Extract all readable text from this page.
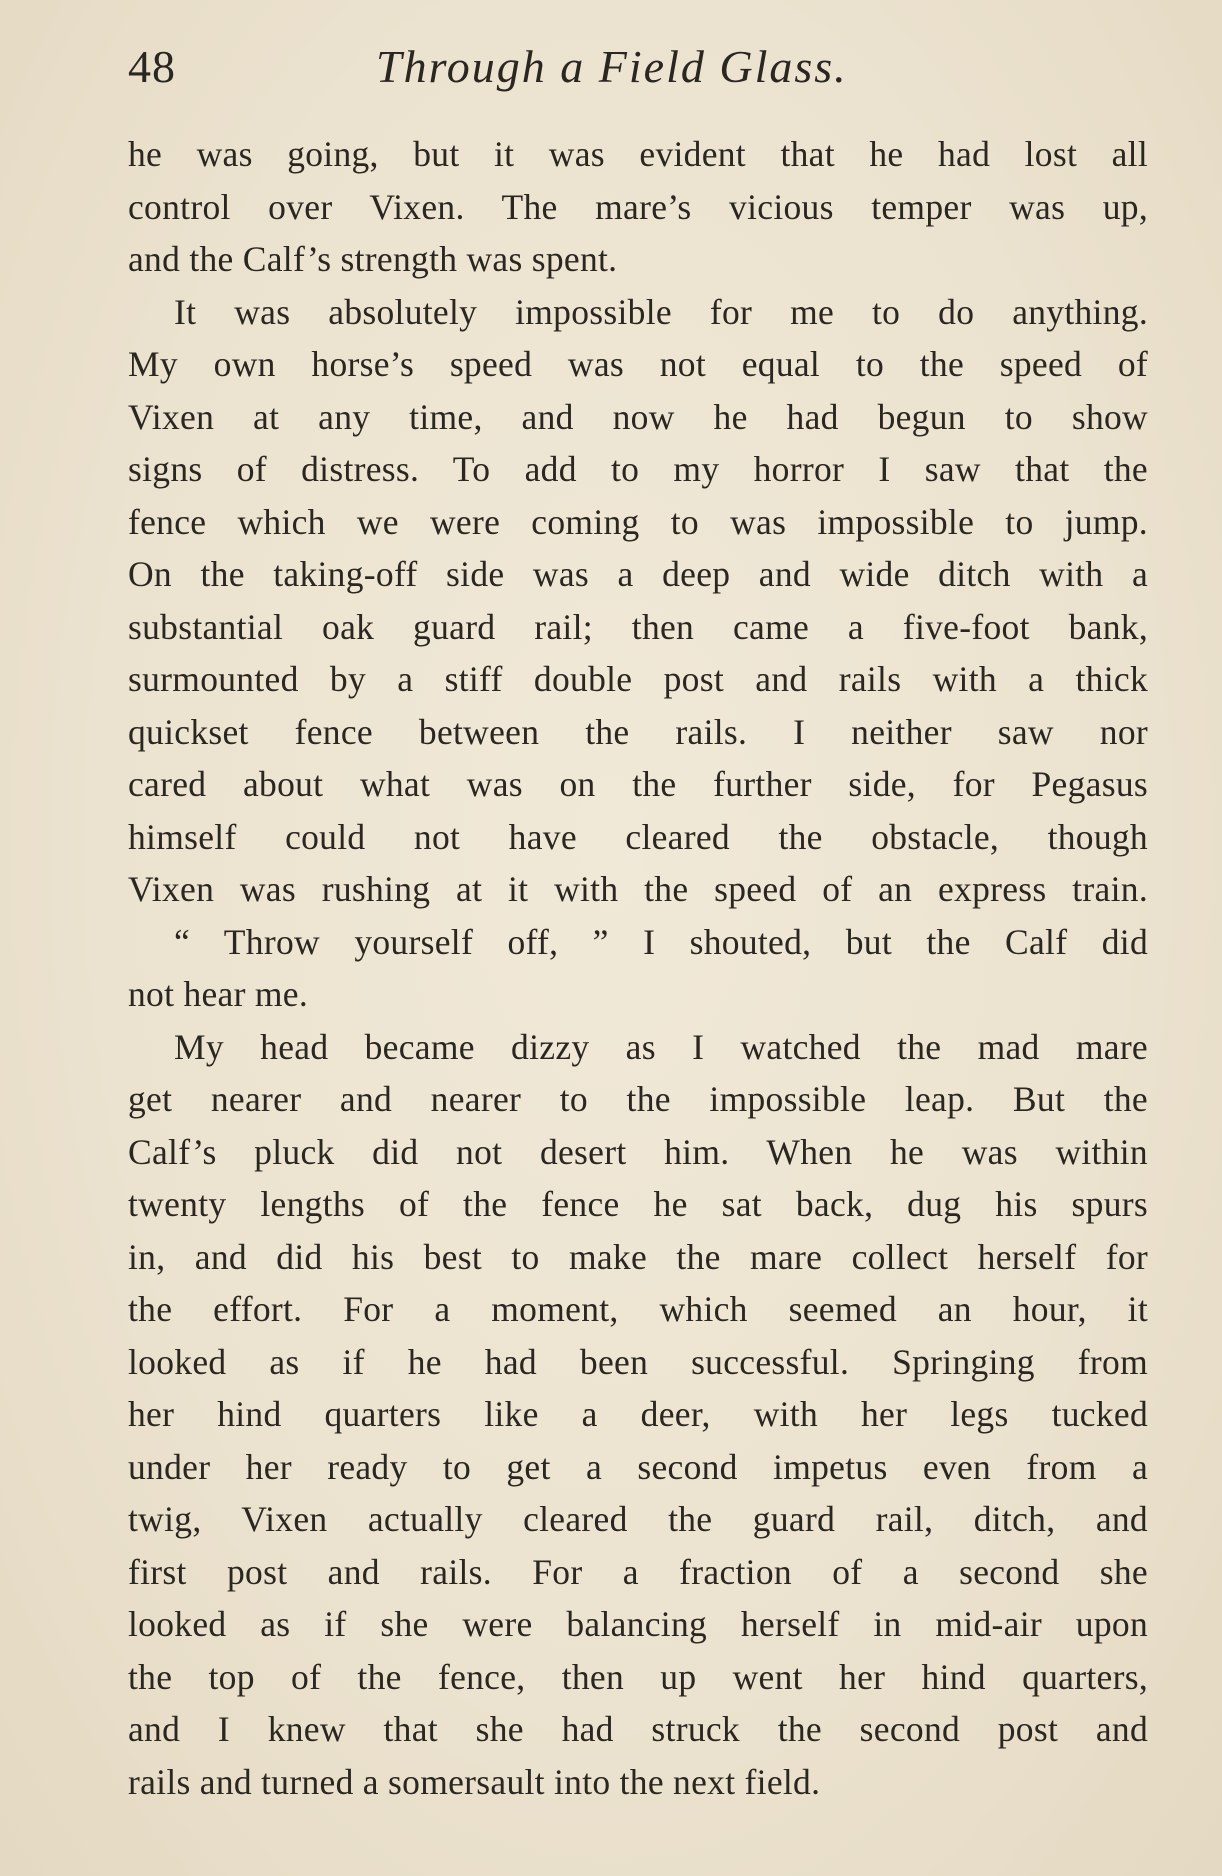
48	Through a Field Glass.
he was going, but it was evident that he had lost all
control over Vixen. The mare’s vicious temper was up,
and the Calf’s strength was spent.
It was absolutely impossible for me to do anything.
My own horse’s speed was not equal to the speed of
Vixen at any time, and now he had begun to show
signs of distress. To add to my horror I saw that the
fence which we were coming to was impossible to jump.
On the taking-off side was a deep and wide ditch with a
substantial oak guard rail; then came a five-foot bank,
surmounted by a stiff double post and rails with a thick
quickset fence between the rails. I neither saw nor
cared about what was on the further side, for Pegasus
himself could not have cleared the obstacle, though
Vixen was rushing at it with the speed of an express train.
“ Throw yourself off, ” I shouted, but the Calf did
not hear me.
My head became dizzy as I watched the mad mare
get nearer and nearer to the impossible leap. But the
Calf’s pluck did not desert him. When he was within
twenty lengths of the fence he sat back, dug his spurs
in, and did his best to make the mare collect herself for
the effort. For a moment, which seemed an hour, it
looked as if he had been successful. Springing from
her hind quarters like a deer, with her legs tucked
under her ready to get a second impetus even from a
twig, Vixen actually cleared the guard rail, ditch, and
first post and rails. For a fraction of a second she
looked as if she were balancing herself in mid-air upon
the top of the fence, then up went her hind quarters,
and I knew that she had struck the second post and
rails and turned a somersault into the next field.
